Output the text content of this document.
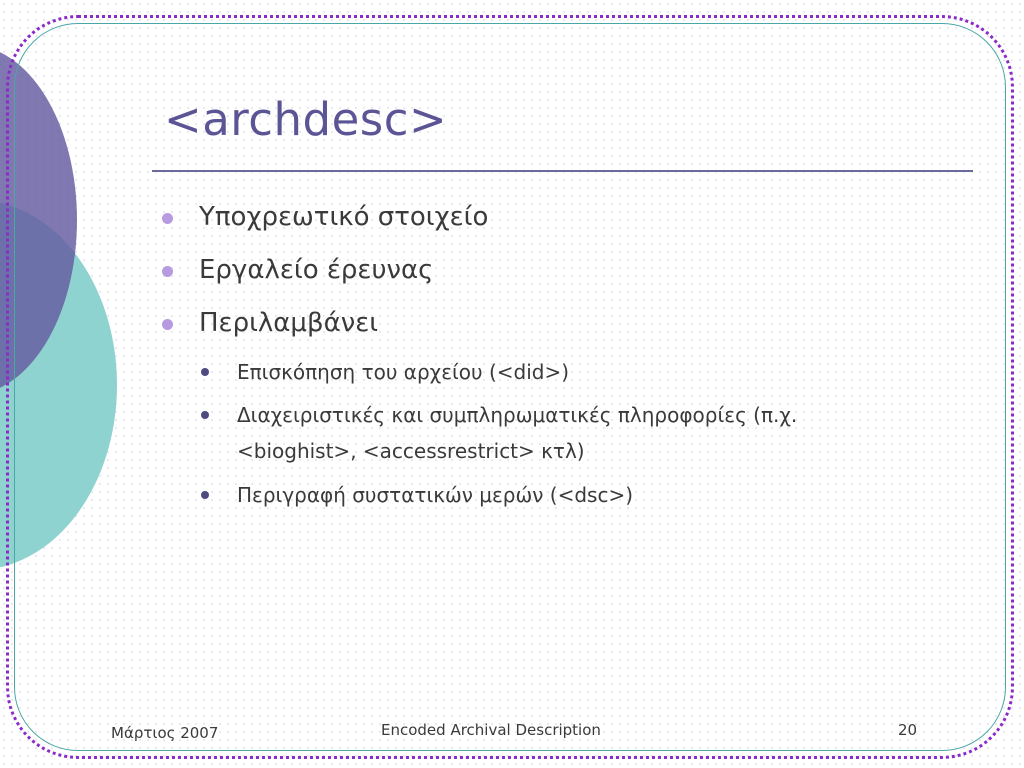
<archdesc>
Υποχρεωτικό στοιχείο
Εργαλείο έρευνας
Περιλαμβάνει
Επισκόπηση του αρχείου (<did>)
Διαχειριστικές και συμπληρωματικές πληροφορίες (π.χ.
<bioghist>, <accessrestrict> κτλ)
Περιγραφή συστατικών μερών (<dsc>)
Μάρτιος 2007	Encoded Archival Description	20
